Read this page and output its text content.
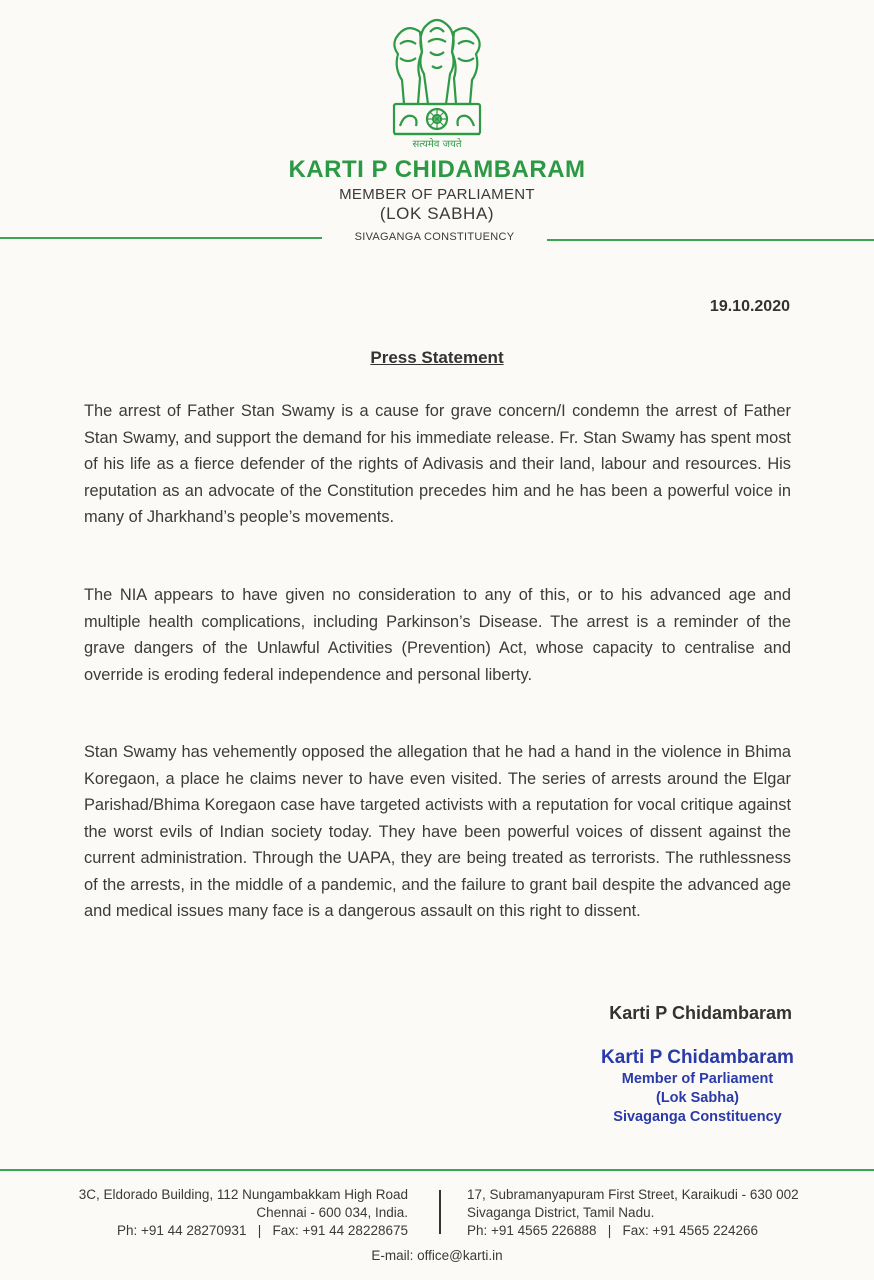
सत्यमेव जयते
KARTI P CHIDAMBARAM
MEMBER OF PARLIAMENT
(LOK SABHA)
SIVAGANGA CONSTITUENCY
19.10.2020
Press Statement

The arrest of Father Stan Swamy is a cause for grave concern/I condemn the arrest of Father Stan Swamy, and support the demand for his immediate release. Fr. Stan Swamy has spent most of his life as a fierce defender of the rights of Adivasis and their land, labour and resources. His reputation as an advocate of the Constitution precedes him and he has been a powerful voice in many of Jharkhand’s people’s movements.

The NIA appears to have given no consideration to any of this, or to his advanced age and multiple health complications, including Parkinson’s Disease. The arrest is a reminder of the grave dangers of the Unlawful Activities (Prevention) Act, whose capacity to centralise and override is eroding federal independence and personal liberty.

Stan Swamy has vehemently opposed the allegation that he had a hand in the violence in Bhima Koregaon, a place he claims never to have even visited. The series of arrests around the Elgar Parishad/Bhima Koregaon case have targeted activists with a reputation for vocal critique against the worst evils of Indian society today. They have been powerful voices of dissent against the current administration. Through the UAPA, they are being treated as terrorists. The ruthlessness of the arrests, in the middle of a pandemic, and the failure to grant bail despite the advanced age and medical issues many face is a dangerous assault on this right to dissent.

Karti P Chidambaram
Karti P Chidambaram
Member of Parliament
(Lok Sabha)
Sivaganga Constituency
3C, Eldorado Building, 112 Nungambakkam High Road
Chennai - 600 034, India.
Ph: +91 44 28270931 | Fax: +91 44 28228675
17, Subramanyapuram First Street, Karaikudi - 630 002
Sivaganga District, Tamil Nadu.
Ph: +91 4565 226888 | Fax: +91 4565 224266
E-mail: office@karti.in
